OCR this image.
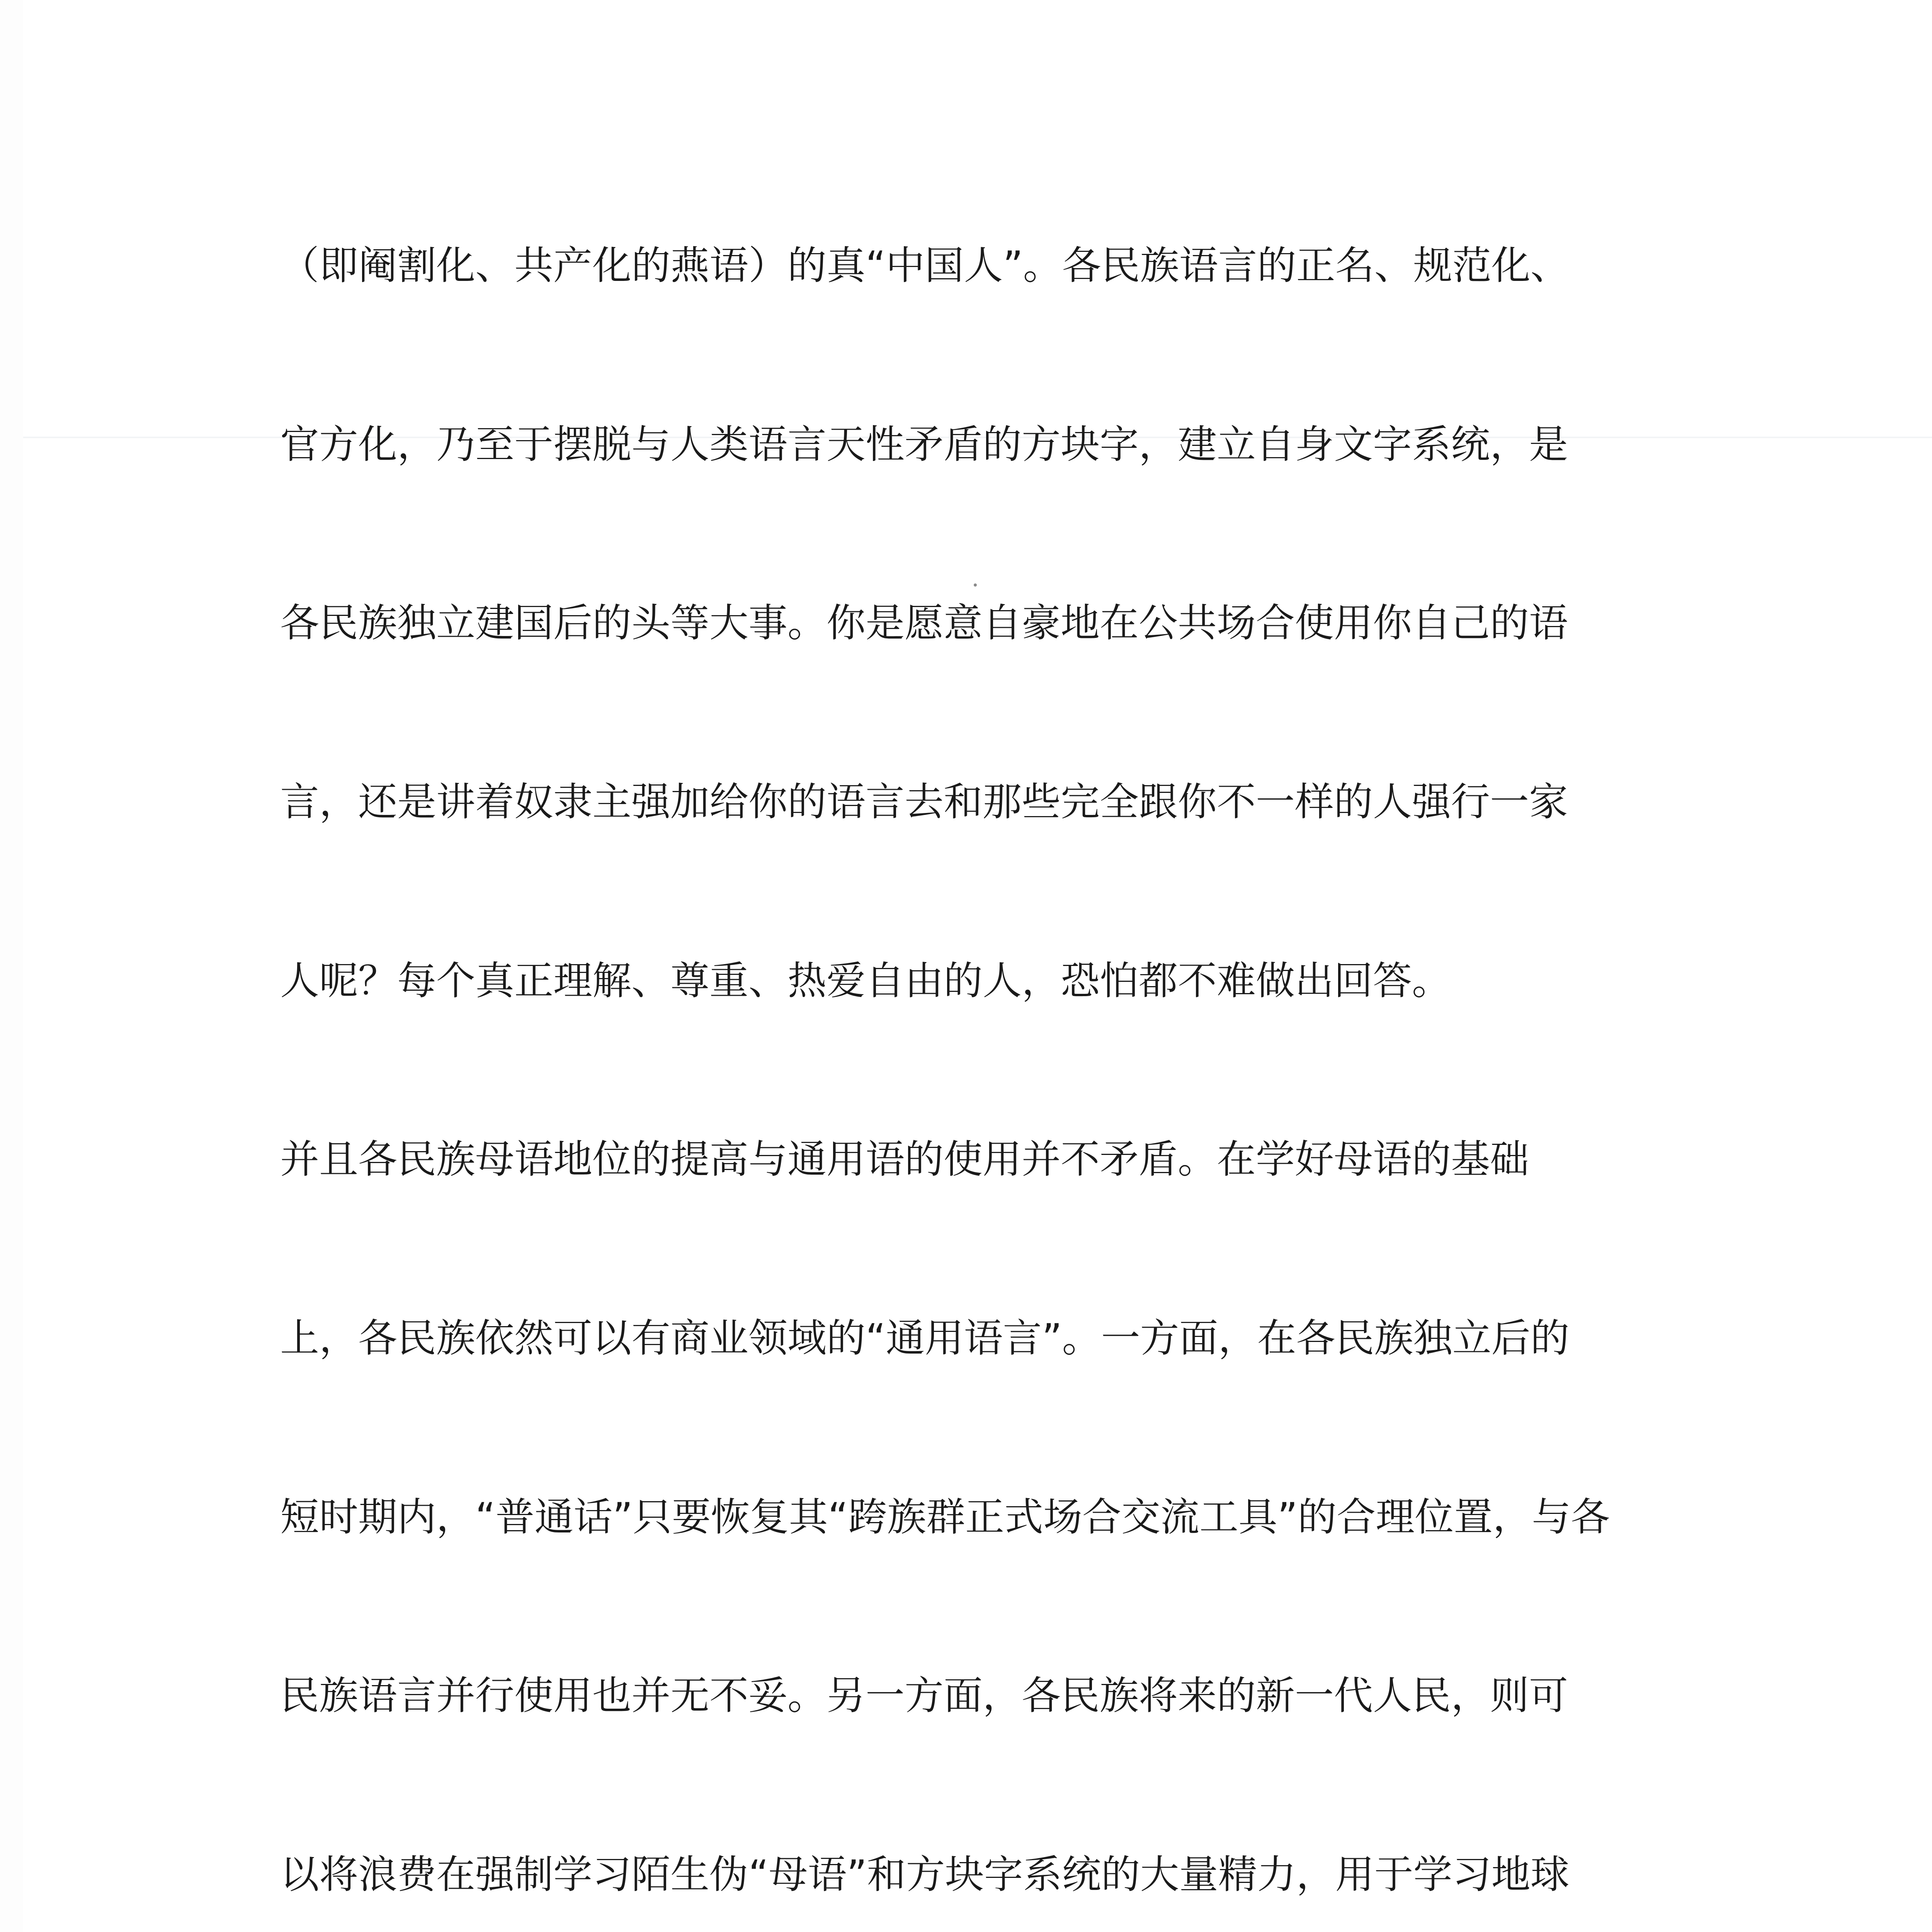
（即阉割化、共产化的燕语）的真“中国人”。各民族语言的正名、规范化、
官方化，乃至于摆脱与人类语言天性矛盾的方块字，建立自身文字系统，是
各民族独立建国后的头等大事。你是愿意自豪地在公共场合使用你自己的语
言，还是讲着奴隶主强加给你的语言去和那些完全跟你不一样的人强行一家
人呢？每个真正理解、尊重、热爱自由的人，恐怕都不难做出回答。
并且各民族母语地位的提高与通用语的使用并不矛盾。在学好母语的基础
上，各民族依然可以有商业领域的“通用语言”。一方面，在各民族独立后的
短时期内，“普通话”只要恢复其“跨族群正式场合交流工具”的合理位置，与各
民族语言并行使用也并无不妥。另一方面，各民族将来的新一代人民，则可
以将浪费在强制学习陌生伪“母语”和方块字系统的大量精力，用于学习地球
